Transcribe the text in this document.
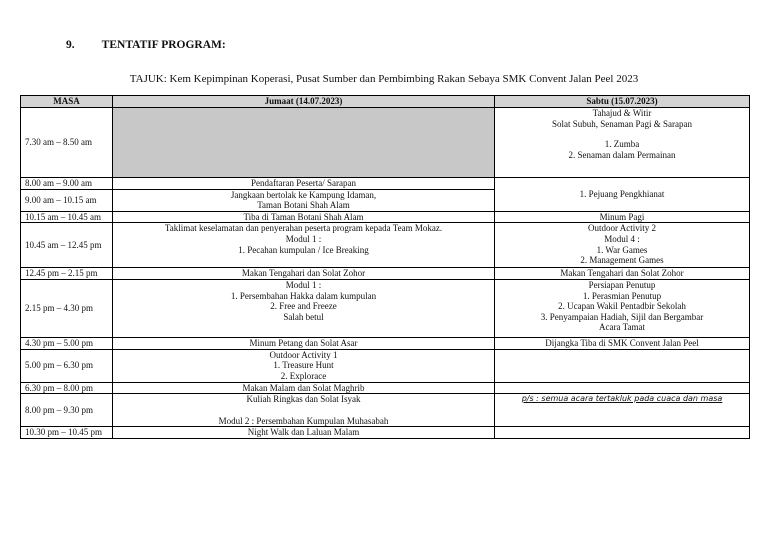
9. TENTATIF PROGRAM:
TAJUK: Kem Kepimpinan Koperasi, Pusat Sumber dan Pembimbing Rakan Sebaya SMK Convent Jalan Peel 2023
MASA	Jumaat (14.07.2023)	Sabtu (15.07.2023)
7.30 am – 8.50 am		Tahajud & Witir
Solat Subuh, Senaman Pagi & Sarapan
1. Zumba
2. Senaman dalam Permainan

8.00 am – 9.00 am	Pendaftaran Peserta/ Sarapan	1. Pejuang Pengkhianat

9.00 am – 10.15 am	Jangkaan bertolak ke Kampung Idaman,
Taman Botani Shah Alam	

10.15 am – 10.45 am	Tiba di Taman Botani Shah Alam	Minum Pagi

10.45 am – 12.45 pm	Taklimat keselamatan dan penyerahan peserta program kepada Team Mokaz.
Modul 1 :
1. Pecahan kumpulan / Ice Breaking	Outdoor Activity 2
Modul 4 :
1. War Games
2. Management Games

12.45 pm – 2.15 pm	Makan Tengahari dan Solat Zohor	Makan Tengahari dan Solat Zohor

2.15 pm – 4.30 pm	Modul 1 :
1. Persembahan Hakka dalam kumpulan
2. Free and Freeze
Salah betul	Persiapan Penutup
1. Perasmian Penutup
2. Ucapan Wakil Pentadbir Sekolah
3. Penyampaian Hadiah, Sijil dan Bergambar
Acara Tamat

4.30 pm – 5.00 pm	Minum Petang dan Solat Asar	Dijangka Tiba di SMK Convent Jalan Peel

5.00 pm – 6.30 pm	Outdoor Activity 1
1. Treasure Hunt
2. Explorace	

6.30 pm – 8.00 pm	Makan Malam dan Solat Maghrib	

8.00 pm – 9.30 pm	Kuliah Ringkas dan Solat Isyak
Modul 2 : Persembahan Kumpulan Muhasabah	p/s : semua acara tertakluk pada cuaca dan masa

10.30 pm – 10.45 pm	Night Walk dan Laluan Malam	
